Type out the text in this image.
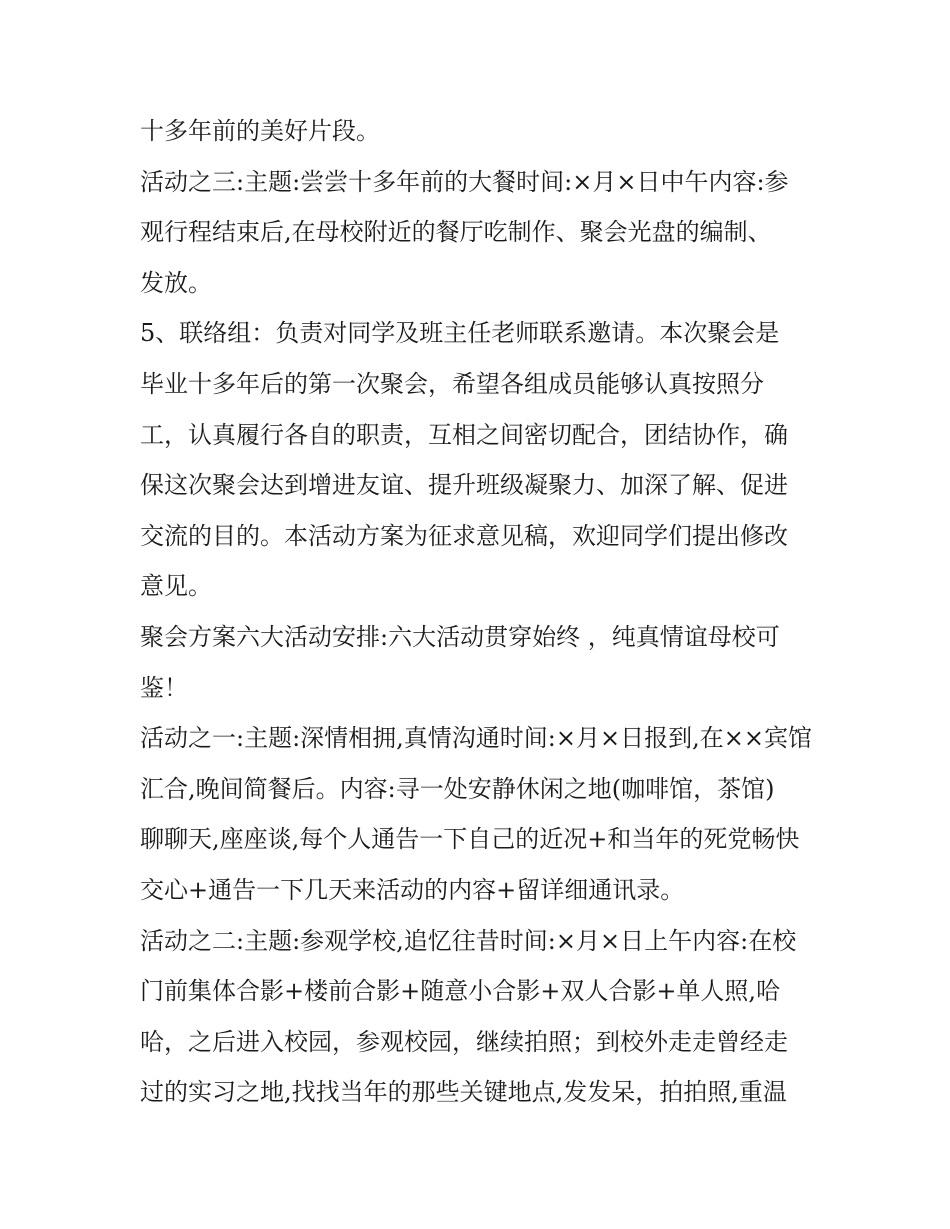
十多年前的美好片段。
活动之三:主题:尝尝十多年前的大餐时间:×月×日中午内容:参
观行程结束后,在母校附近的餐厅吃制作、聚会光盘的编制、
发放。
5、联络组：负责对同学及班主任老师联系邀请。本次聚会是
毕业十多年后的第一次聚会，希望各组成员能够认真按照分
工，认真履行各自的职责，互相之间密切配合，团结协作，确
保这次聚会达到增进友谊、提升班级凝聚力、加深了解、促进
交流的目的。本活动方案为征求意见稿，欢迎同学们提出修改
意见。
聚会方案六大活动安排:六大活动贯穿始终 ，纯真情谊母校可
鉴！
活动之一:主题:深情相拥,真情沟通时间:×月×日报到,在××宾馆
汇合,晚间简餐后。内容:寻一处安静休闲之地(咖啡馆，茶馆)
聊聊天,座座谈,每个人通告一下自己的近况+和当年的死党畅快
交心+通告一下几天来活动的内容+留详细通讯录。
活动之二:主题:参观学校,追忆往昔时间:×月×日上午内容:在校
门前集体合影+楼前合影+随意小合影+双人合影+单人照,哈
哈，之后进入校园，参观校园，继续拍照；到校外走走曾经走
过的实习之地,找找当年的那些关键地点,发发呆，拍拍照,重温
